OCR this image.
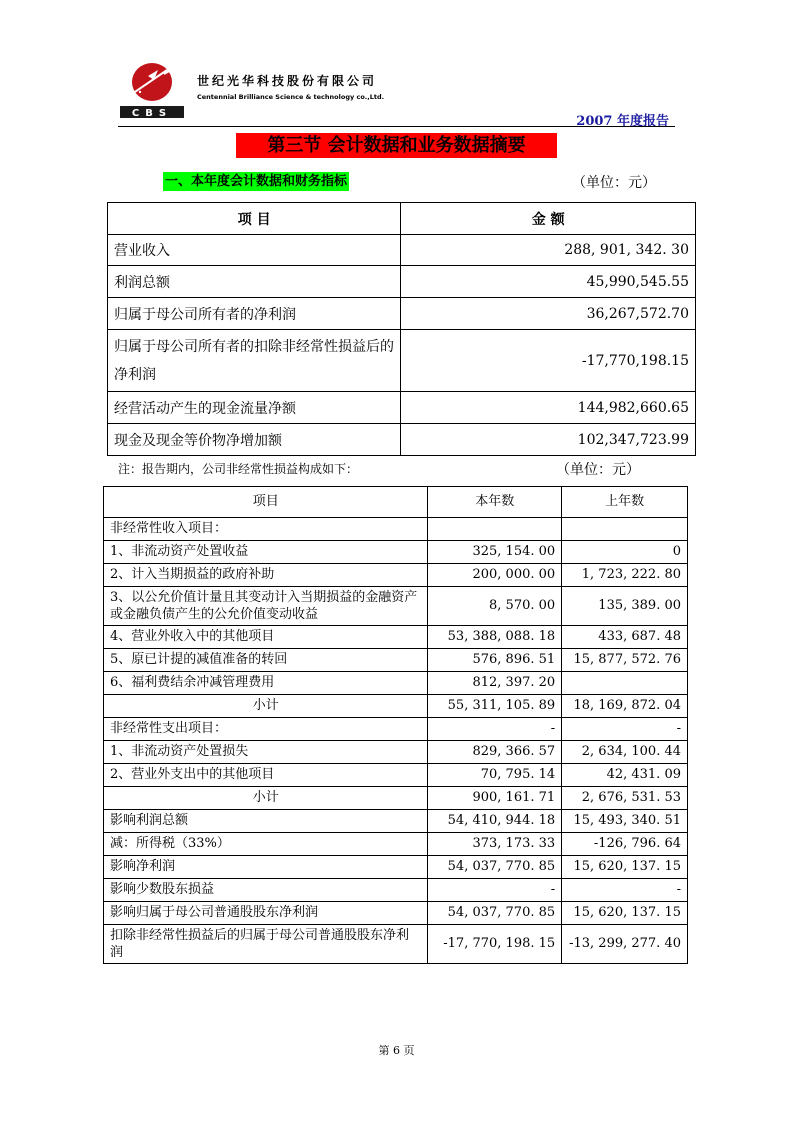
CBS
世纪光华科技股份有限公司
Centennial Brilliance Science & technology co.,Ltd.
2007 年度报告
第三节 会计数据和业务数据摘要
一、本年度会计数据和财务指标	（单位：元）
项 目	金 额
营业收入	288, 901, 342. 30
利润总额	45,990,545.55
归属于母公司所有者的净利润	36,267,572.70
归属于母公司所有者的扣除非经常性损益后的净利润	-17,770,198.15
经营活动产生的现金流量净额	144,982,660.65
现金及现金等价物净增加额	102,347,723.99
注：报告期内，公司非经常性损益构成如下：	（单位：元）
项目	本年数	上年数
非经常性收入项目：		
1、非流动资产处置收益	325, 154. 00	0
2、计入当期损益的政府补助	200, 000. 00	1, 723, 222. 80
3、以公允价值计量且其变动计入当期损益的金融资产或金融负债产生的公允价值变动收益	8, 570. 00	135, 389. 00
4、营业外收入中的其他项目	53, 388, 088. 18	433, 687. 48
5、原已计提的减值准备的转回	576, 896. 51	15, 877, 572. 76
6、福利费结余冲减管理费用	812, 397. 20	
小计	55, 311, 105. 89	18, 169, 872. 04
非经常性支出项目：	-	-
1、非流动资产处置损失	829, 366. 57	2, 634, 100. 44
2、营业外支出中的其他项目	70, 795. 14	42, 431. 09
小计	900, 161. 71	2, 676, 531. 53
影响利润总额	54, 410, 944. 18	15, 493, 340. 51
减：所得税（33%）	373, 173. 33	-126, 796. 64
影响净利润	54, 037, 770. 85	15, 620, 137. 15
影响少数股东损益	-	-
影响归属于母公司普通股股东净利润	54, 037, 770. 85	15, 620, 137. 15
扣除非经常性损益后的归属于母公司普通股股东净利润	-17, 770, 198. 15	-13, 299, 277. 40
第 6 页
